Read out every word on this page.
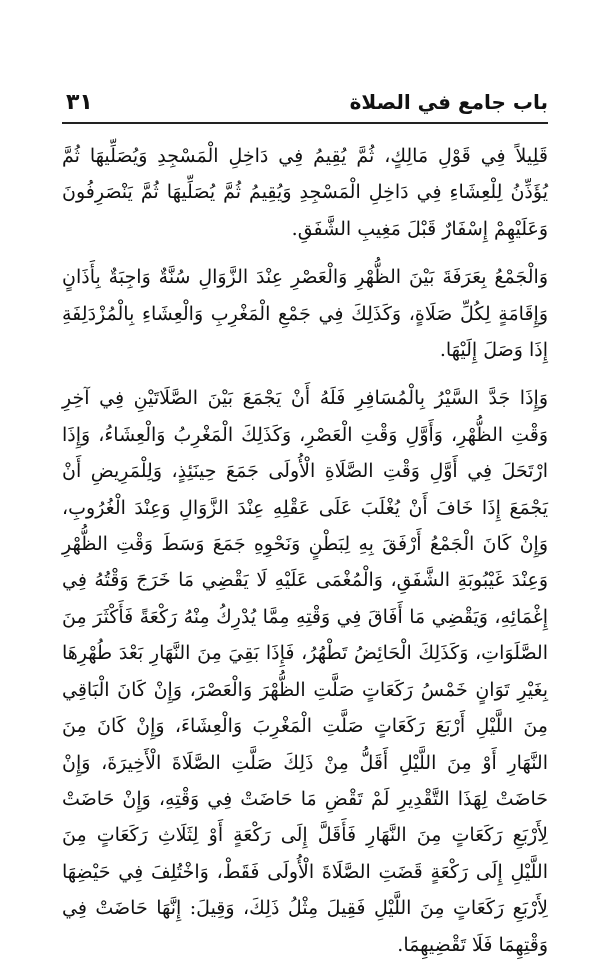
٣١	باب جامع في الصلاة

قَلِيلاً فِي قَوْلِ مَالِكٍ، ثُمَّ يُقِيمُ فِي دَاخِلِ الْمَسْجِدِ وَيُصَلِّيهَا ثُمَّ يُؤَذِّنُ لِلْعِشَاءِ فِي دَاخِلِ الْمَسْجِدِ وَيُقِيمُ ثُمَّ يُصَلِّيهَا ثُمَّ يَنْصَرِفُونَ وَعَلَيْهِمْ إِسْفَارٌ قَبْلَ مَغِيبِ الشَّفَقِ.

وَالْجَمْعُ بِعَرَفَةَ بَيْنَ الظُّهْرِ وَالْعَصْرِ عِنْدَ الزَّوَالِ سُنَّةٌ وَاجِبَةٌ بِأَذَانٍ وَإِقَامَةٍ لِكُلِّ صَلَاةٍ، وَكَذَلِكَ فِي جَمْعِ الْمَغْرِبِ وَالْعِشَاءِ بِالْمُزْدَلِفَةِ إِذَا وَصَلَ إِلَيْهَا.

وَإِذَا جَدَّ السَّيْرُ بِالْمُسَافِرِ فَلَهُ أَنْ يَجْمَعَ بَيْنَ الصَّلَاتَيْنِ فِي آخِرِ وَقْتِ الظُّهْرِ، وَأَوَّلِ وَقْتِ الْعَصْرِ، وَكَذَلِكَ الْمَغْرِبُ وَالْعِشَاءُ، وَإِذَا ارْتَحَلَ فِي أَوَّلِ وَقْتِ الصَّلَاةِ الْأُولَى جَمَعَ حِينَئِذٍ، وَلِلْمَرِيضِ أَنْ يَجْمَعَ إِذَا خَافَ أَنْ يُغْلَبَ عَلَى عَقْلِهِ عِنْدَ الزَّوَالِ وَعِنْدَ الْغُرُوبِ، وَإِنْ كَانَ الْجَمْعُ أَرْفَقَ بِهِ لِبَطْنٍ وَنَحْوِهِ جَمَعَ وَسَطَ وَقْتِ الظُّهْرِ وَعِنْدَ غَيْبُوبَةِ الشَّفَقِ، وَالْمُغْمَى عَلَيْهِ لَا يَقْضِي مَا خَرَجَ وَقْتُهُ فِي إِغْمَائِهِ، وَيَقْضِي مَا أَفَاقَ فِي وَقْتِهِ مِمَّا يُدْرِكُ مِنْهُ رَكْعَةً فَأَكْثَرَ مِنَ الصَّلَوَاتِ، وَكَذَلِكَ الْحَائِضُ تَطْهُرُ، فَإِذَا بَقِيَ مِنَ النَّهَارِ بَعْدَ طُهْرِهَا بِغَيْرِ تَوَانٍ خَمْسُ رَكَعَاتٍ صَلَّتِ الظُّهْرَ وَالْعَصْرَ، وَإِنْ كَانَ الْبَاقِي مِنَ اللَّيْلِ أَرْبَعَ رَكَعَاتٍ صَلَّتِ الْمَغْرِبَ وَالْعِشَاءَ، وَإِنْ كَانَ مِنَ النَّهَارِ أَوْ مِنَ اللَّيْلِ أَقَلُّ مِنْ ذَلِكَ صَلَّتِ الصَّلَاةَ الْأَخِيرَةَ، وَإِنْ حَاضَتْ لِهَذَا التَّقْدِيرِ لَمْ تَقْضِ مَا حَاضَتْ فِي وَقْتِهِ، وَإِنْ حَاضَتْ لِأَرْبَعِ رَكَعَاتٍ مِنَ النَّهَارِ فَأَقَلَّ إِلَى رَكْعَةٍ أَوْ لِثَلَاثِ رَكَعَاتٍ مِنَ اللَّيْلِ إِلَى رَكْعَةٍ قَضَتِ الصَّلَاةَ الْأُولَى فَقَطْ، وَاخْتُلِفَ فِي حَيْضِهَا لِأَرْبَعِ رَكَعَاتٍ مِنَ اللَّيْلِ فَقِيلَ مِثْلُ ذَلِكَ، وَقِيلَ: إِنَّهَا حَاضَتْ فِي وَقْتِهِمَا فَلَا تَقْضِيهِمَا.
